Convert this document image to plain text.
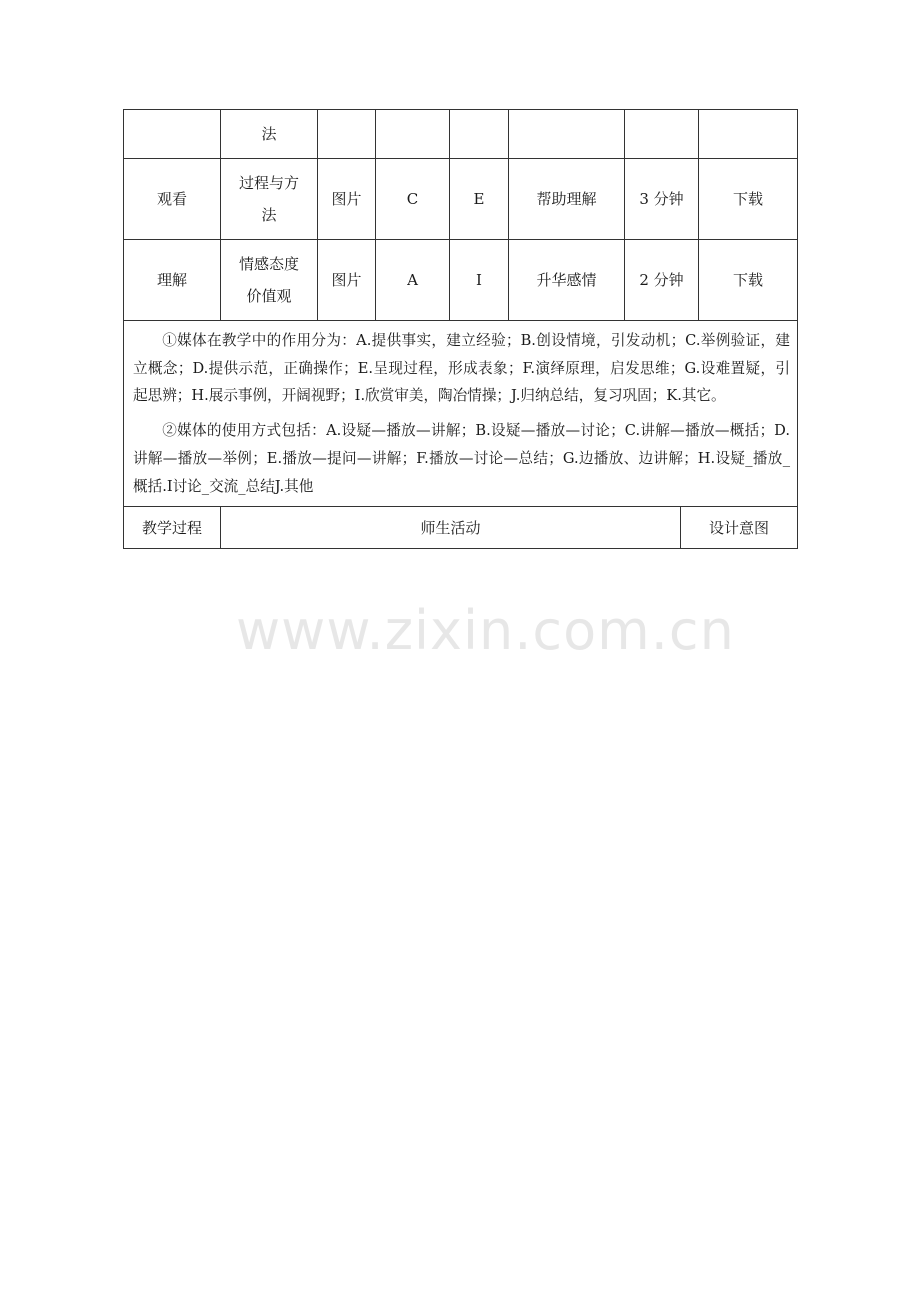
	法						
观看	过程与方法	图片	C	E	帮助理解	3 分钟	下载
理解	情感态度价值观	图片	A	I	升华感情	2 分钟	下载

①媒体在教学中的作用分为：A.提供事实，建立经验；B.创设情境，引发动机；C.举例验证，建立概念；D.提供示范，正确操作；E.呈现过程，形成表象；F.演绎原理，启发思维；G.设难置疑，引起思辨；H.展示事例，开阔视野；I.欣赏审美，陶冶情操；J.归纳总结，复习巩固；K.其它。

②媒体的使用方式包括：A.设疑—播放—讲解；B.设疑—播放—讨论；C.讲解—播放—概括；D.讲解—播放—举例；E.播放—提问—讲解；F.播放—讨论—总结；G.边播放、边讲解；H.设疑_播放_概括.I讨论_交流_总结J.其他							

教学过程	师生活动	设计意图
www.zixin.com.cn
